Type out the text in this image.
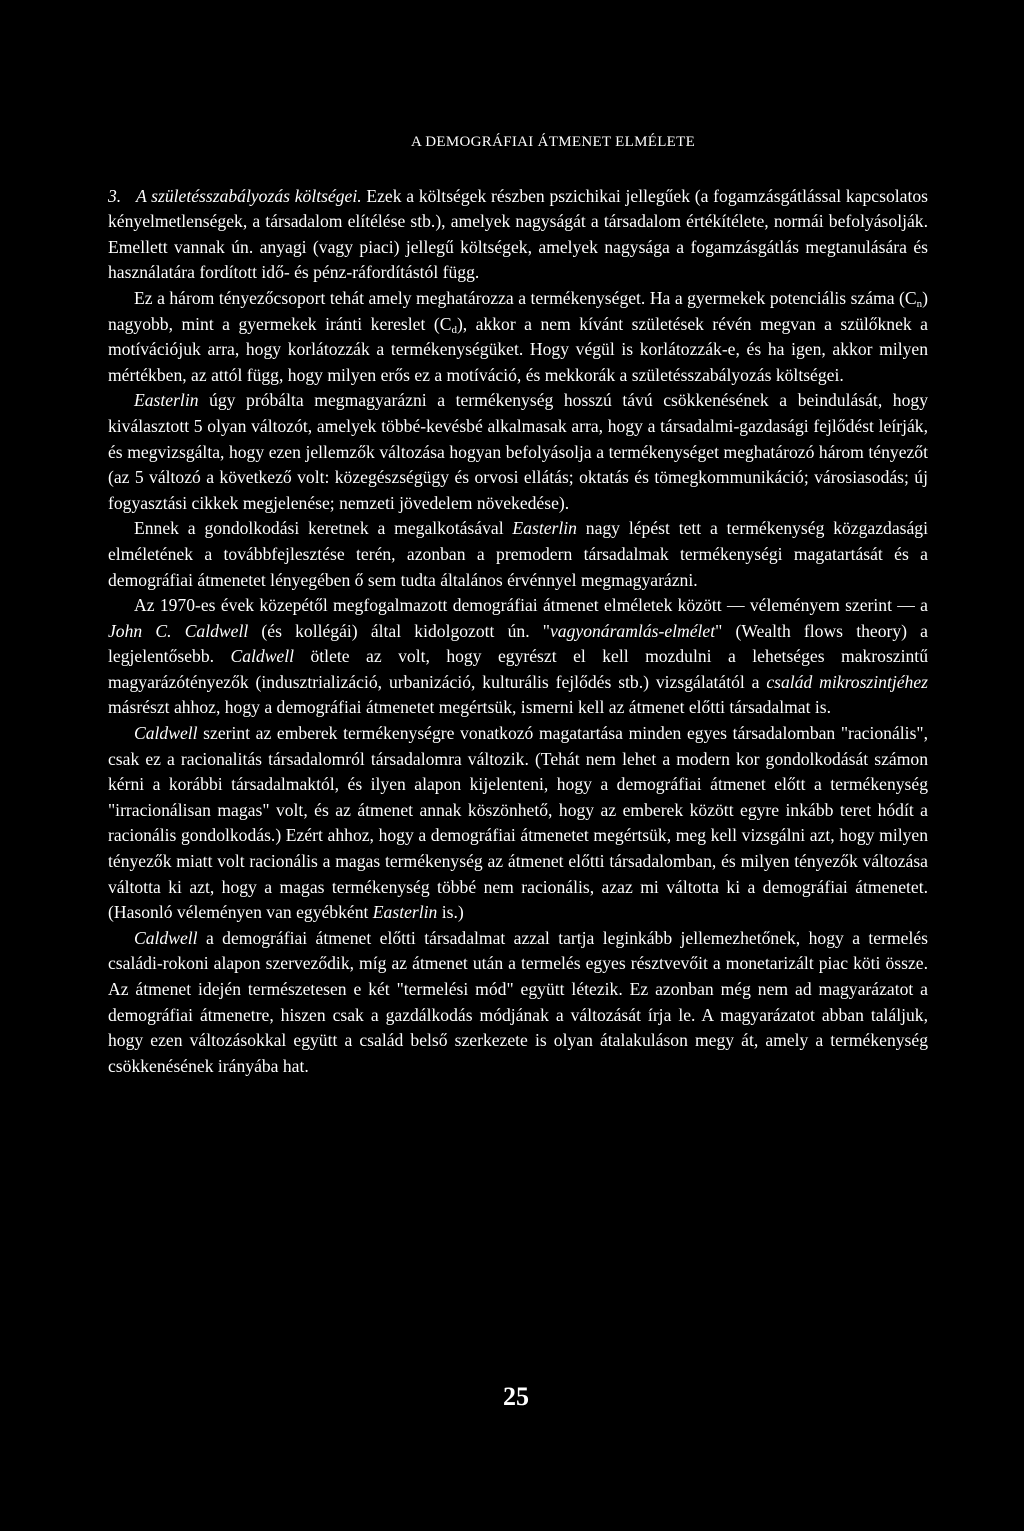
A DEMOGRÁFIAI ÁTMENET ELMÉLETE

3. A születésszabályozás költségei. Ezek a költségek részben pszichikai jellegűek (a fogamzásgátlással kapcsolatos kényelmetlenségek, a társadalom elítélése stb.), amelyek nagyságát a társadalom értékítélete, normái befolyásolják. Emellett vannak ún. anyagi (vagy piaci) jellegű költségek, amelyek nagysága a fogamzásgátlás megtanulására és használatára fordított idő- és pénz-ráfordítástól függ.

Ez a három tényezőcsoport tehát amely meghatározza a termékenységet. Ha a gyermekek potenciális száma $(C_n)$ nagyobb, mint a gyermekek iránti kereslet $(C_d)$, akkor a nem kívánt születések révén megvan a szülőknek a motívációjuk arra, hogy korlátozzák a termékenységüket. Hogy végül is korlátozzák-e, és ha igen, akkor milyen mértékben, az attól függ, hogy milyen erős ez a motíváció, és mekkorák a születésszabályozás költségei.

Easterlin úgy próbálta megmagyarázni a termékenység hosszú távú csökkenésének a beindulását, hogy kiválasztott 5 olyan változót, amelyek többé-kevésbé alkalmasak arra, hogy a társadalmi-gazdasági fejlődést leírják, és megvizsgálta, hogy ezen jellemzők változása hogyan befolyásolja a termékenységet meghatározó három tényezőt (az 5 változó a következő volt: közegészségügy és orvosi ellátás; oktatás és tömegkommunikáció; városiasodás; új fogyasztási cikkek megjelenése; nemzeti jövedelem növekedése).

Ennek a gondolkodási keretnek a megalkotásával Easterlin nagy lépést tett a termékenység közgazdasági elméletének a továbbfejlesztése terén, azonban a premodern társadalmak termékenységi magatartását és a demográfiai átmenetet lényegében ő sem tudta általános érvénnyel megmagyarázni.

Az 1970-es évek közepétől megfogalmazott demográfiai átmenet elméletek között — véleményem szerint — a John C. Caldwell (és kollégái) által kidolgozott ún. "vagyonáramlás-elmélet" (Wealth flows theory) a legjelentősebb. Caldwell ötlete az volt, hogy egyrészt el kell mozdulni a lehetséges makroszintű magyarázótényezők (indusztrializáció, urbanizáció, kulturális fejlődés stb.) vizsgálatától a család mikroszintjéhez másrészt ahhoz, hogy a demográfiai átmenetet megértsük, ismerni kell az átmenet előtti társadalmat is.

Caldwell szerint az emberek termékenységre vonatkozó magatartása minden egyes társadalomban "racionális", csak ez a racionalitás társadalomról társadalomra változik. (Tehát nem lehet a modern kor gondolkodását számon kérni a korábbi társadalmaktól, és ilyen alapon kijelenteni, hogy a demográfiai átmenet előtt a termékenység "irracionálisan magas" volt, és az átmenet annak köszönhető, hogy az emberek között egyre inkább teret hódít a racionális gondolkodás.) Ezért ahhoz, hogy a demográfiai átmenetet megértsük, meg kell vizsgálni azt, hogy milyen tényezők miatt volt racionális a magas termékenység az átmenet előtti társadalomban, és milyen tényezők változása váltotta ki azt, hogy a magas termékenység többé nem racionális, azaz mi váltotta ki a demográfiai átmenetet. (Hasonló véleményen van egyébként Easterlin is.)

Caldwell a demográfiai átmenet előtti társadalmat azzal tartja leginkább jellemezhetőnek, hogy a termelés családi-rokoni alapon szerveződik, míg az átmenet után a termelés egyes résztvevőit a monetarizált piac köti össze. Az átmenet idején természetesen e két "termelési mód" együtt létezik. Ez azonban még nem ad magyarázatot a demográfiai átmenetre, hiszen csak a gazdálkodás módjának a változását írja le. A magyarázatot abban találjuk, hogy ezen változásokkal együtt a család belső szerkezete is olyan átalakuláson megy át, amely a termékenység csökkenésének irányába hat.

25
